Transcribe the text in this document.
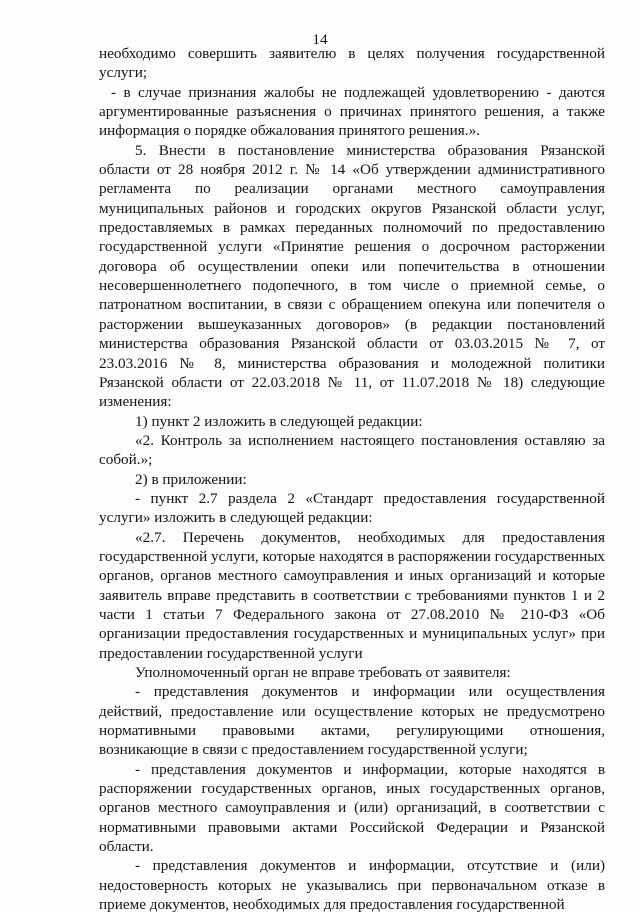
14

необходимо совершить заявителю в целях получения государственной услуги;

- в случае признания жалобы не подлежащей удовлетворению - даются аргументированные разъяснения о причинах принятого решения, а также информация о порядке обжалования принятого решения.».

5. Внести в постановление министерства образования Рязанской области от 28 ноября 2012 г. № 14 «Об утверждении административного регламента по реализации органами местного самоуправления муниципальных районов и городских округов Рязанской области услуг, предоставляемых в рамках переданных полномочий по предоставлению государственной услуги «Принятие решения о досрочном расторжении договора об осуществлении опеки или попечительства в отношении несовершеннолетнего подопечного, в том числе о приемной семье, о патронатном воспитании, в связи с обращением опекуна или попечителя о расторжении вышеуказанных договоров» (в редакции постановлений министерства образования Рязанской области от 03.03.2015 № 7, от 23.03.2016 № 8, министерства образования и молодежной политики Рязанской области от 22.03.2018 № 11, от 11.07.2018 № 18) следующие изменения:

1) пункт 2 изложить в следующей редакции:

«2. Контроль за исполнением настоящего постановления оставляю за собой.»;

2) в приложении:

- пункт 2.7 раздела 2 «Стандарт предоставления государственной услуги» изложить в следующей редакции:

«2.7. Перечень документов, необходимых для предоставления государственной услуги, которые находятся в распоряжении государственных органов, органов местного самоуправления и иных организаций и которые заявитель вправе представить в соответствии с требованиями пунктов 1 и 2 части 1 статьи 7 Федерального закона от 27.08.2010 № 210-ФЗ «Об организации предоставления государственных и муниципальных услуг» при предоставлении государственной услуги

Уполномоченный орган не вправе требовать от заявителя:

- представления документов и информации или осуществления действий, предоставление или осуществление которых не предусмотрено нормативными правовыми актами, регулирующими отношения, возникающие в связи с предоставлением государственной услуги;

- представления документов и информации, которые находятся в распоряжении государственных органов, иных государственных органов, органов местного самоуправления и (или) организаций, в соответствии с нормативными правовыми актами Российской Федерации и Рязанской области.

- представления документов и информации, отсутствие и (или) недостоверность которых не указывались при первоначальном отказе в приеме документов, необходимых для предоставления государственной
